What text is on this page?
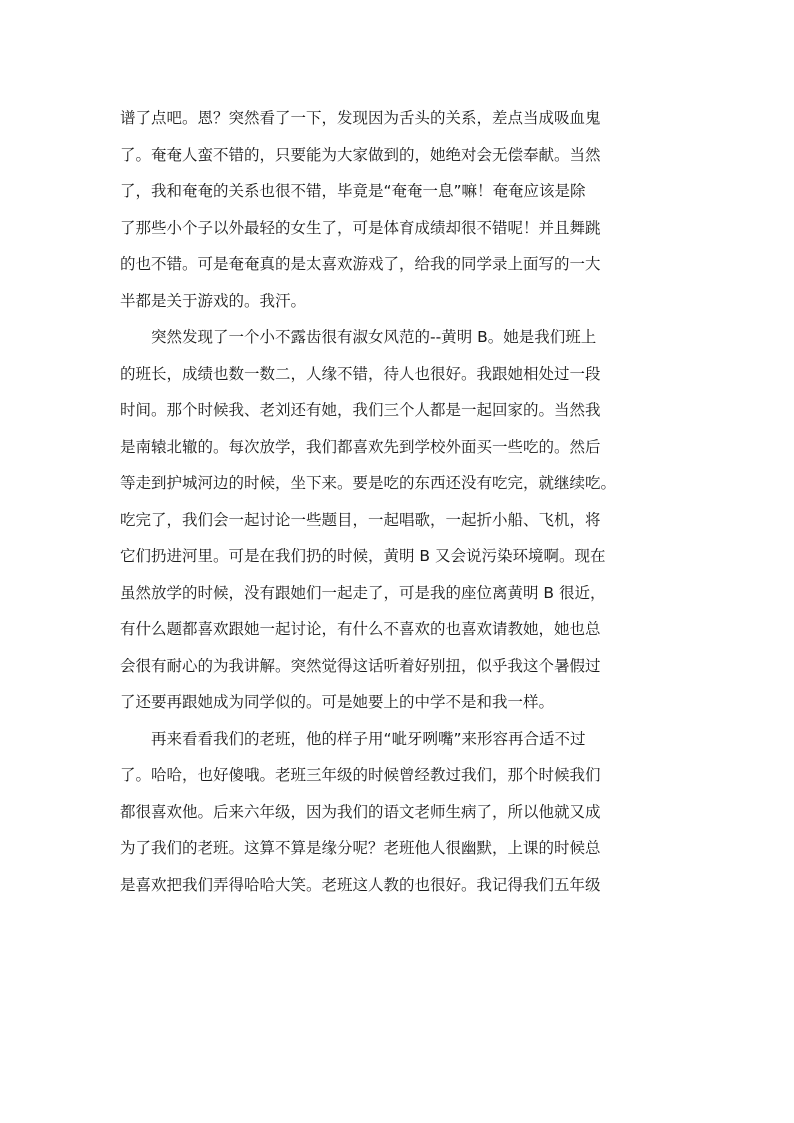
谱了点吧。恩？突然看了一下，发现因为舌头的关系，差点当成吸血鬼
了。奄奄人蛮不错的，只要能为大家做到的，她绝对会无偿奉献。当然
了，我和奄奄的关系也很不错，毕竟是“奄奄一息”嘛！奄奄应该是除
了那些小个子以外最轻的女生了，可是体育成绩却很不错呢！并且舞跳
的也不错。可是奄奄真的是太喜欢游戏了，给我的同学录上面写的一大
半都是关于游戏的。我汗。
突然发现了一个小不露齿很有淑女风范的--黄明 B。她是我们班上
的班长，成绩也数一数二，人缘不错，待人也很好。我跟她相处过一段
时间。那个时候我、老刘还有她，我们三个人都是一起回家的。当然我
是南辕北辙的。每次放学，我们都喜欢先到学校外面买一些吃的。然后
等走到护城河边的时候，坐下来。要是吃的东西还没有吃完，就继续吃。
吃完了，我们会一起讨论一些题目，一起唱歌，一起折小船、飞机，将
它们扔进河里。可是在我们扔的时候，黄明 B 又会说污染环境啊。现在
虽然放学的时候，没有跟她们一起走了，可是我的座位离黄明 B 很近，
有什么题都喜欢跟她一起讨论，有什么不喜欢的也喜欢请教她，她也总
会很有耐心的为我讲解。突然觉得这话听着好别扭，似乎我这个暑假过
了还要再跟她成为同学似的。可是她要上的中学不是和我一样。
再来看看我们的老班，他的样子用“呲牙咧嘴”来形容再合适不过
了。哈哈，也好傻哦。老班三年级的时候曾经教过我们，那个时候我们
都很喜欢他。后来六年级，因为我们的语文老师生病了，所以他就又成
为了我们的老班。这算不算是缘分呢？老班他人很幽默，上课的时候总
是喜欢把我们弄得哈哈大笑。老班这人教的也很好。我记得我们五年级
